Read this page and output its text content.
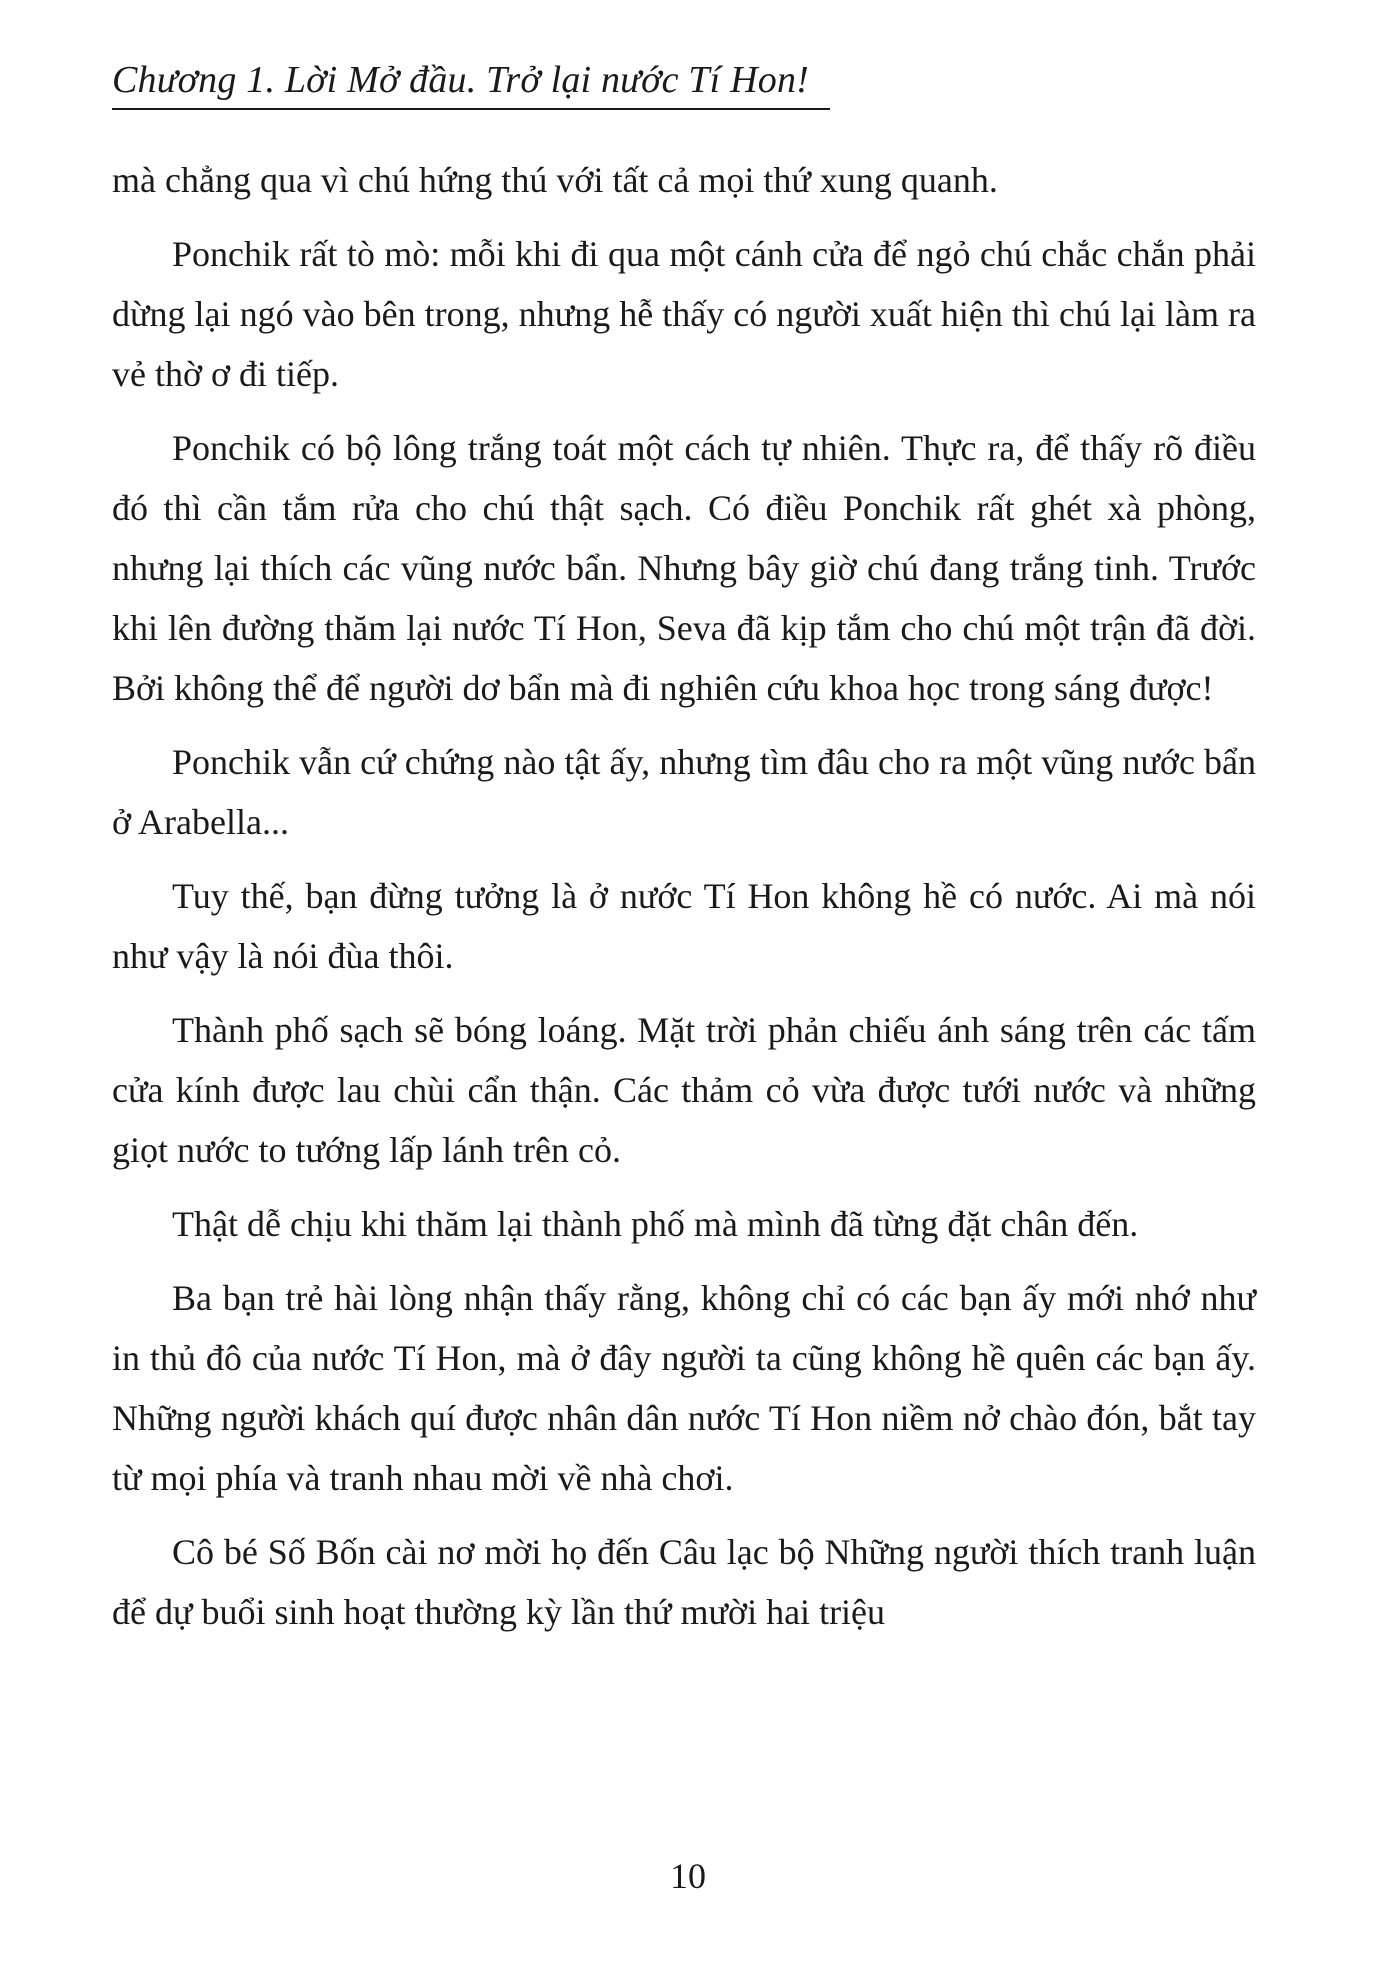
Chương 1. Lời Mở đầu. Trở lại nước Tí Hon!

mà chẳng qua vì chú hứng thú với tất cả mọi thứ xung quanh.

Ponchik rất tò mò: mỗi khi đi qua một cánh cửa để ngỏ chú chắc chắn phải dừng lại ngó vào bên trong, nhưng hễ thấy có người xuất hiện thì chú lại làm ra vẻ thờ ơ đi tiếp.

Ponchik có bộ lông trắng toát một cách tự nhiên. Thực ra, để thấy rõ điều đó thì cần tắm rửa cho chú thật sạch. Có điều Ponchik rất ghét xà phòng, nhưng lại thích các vũng nước bẩn. Nhưng bây giờ chú đang trắng tinh. Trước khi lên đường thăm lại nước Tí Hon, Seva đã kịp tắm cho chú một trận đã đời. Bởi không thể để người dơ bẩn mà đi nghiên cứu khoa học trong sáng được!

Ponchik vẫn cứ chứng nào tật ấy, nhưng tìm đâu cho ra một vũng nước bẩn ở Arabella...

Tuy thế, bạn đừng tưởng là ở nước Tí Hon không hề có nước. Ai mà nói như vậy là nói đùa thôi.

Thành phố sạch sẽ bóng loáng. Mặt trời phản chiếu ánh sáng trên các tấm cửa kính được lau chùi cẩn thận. Các thảm cỏ vừa được tưới nước và những giọt nước to tướng lấp lánh trên cỏ.

Thật dễ chịu khi thăm lại thành phố mà mình đã từng đặt chân đến.

Ba bạn trẻ hài lòng nhận thấy rằng, không chỉ có các bạn ấy mới nhớ như in thủ đô của nước Tí Hon, mà ở đây người ta cũng không hề quên các bạn ấy. Những người khách quí được nhân dân nước Tí Hon niềm nở chào đón, bắt tay từ mọi phía và tranh nhau mời về nhà chơi.

Cô bé Số Bốn cài nơ mời họ đến Câu lạc bộ Những người thích tranh luận để dự buổi sinh hoạt thường kỳ lần thứ mười hai triệu

10
